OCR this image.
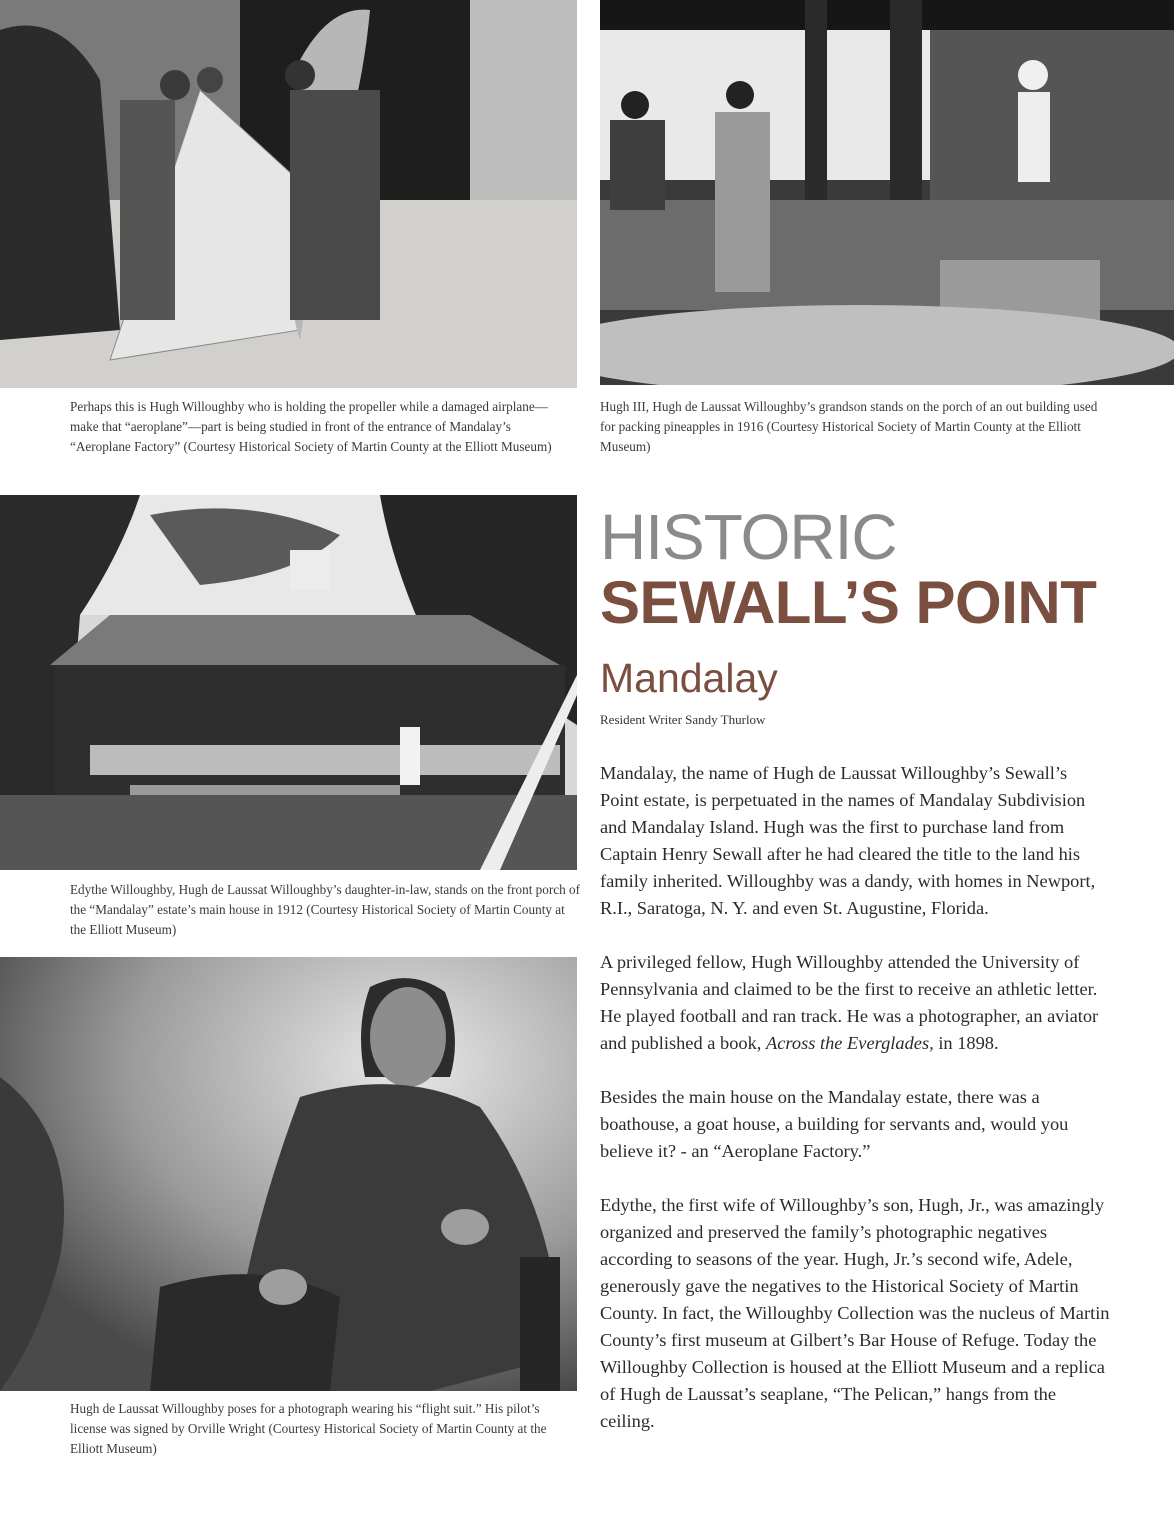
Perhaps this is Hugh Willoughby who is holding the propeller while a damaged airplane—make that “aeroplane”—part is being studied in front of the entrance of Mandalay’s “Aeroplane Factory” (Courtesy Historical Society of Martin County at the Elliott Museum)
Hugh III, Hugh de Laussat Willoughby’s grandson stands on the porch of an out building used for packing pineapples in 1916 (Courtesy Historical Society of Martin County at the Elliott Museum)
Edythe Willoughby, Hugh de Laussat Willoughby’s daughter-in-law, stands on the front porch of the “Mandalay” estate’s main house in 1912 (Courtesy Historical Society of Martin County at the Elliott Museum)
Hugh de Laussat Willoughby poses for a photograph wearing his “flight suit.” His pilot’s license was signed by Orville Wright (Courtesy Historical Society of Martin County at the Elliott Museum)
HISTORIC
SEWALL’S POINT
Mandalay
Resident Writer Sandy Thurlow

Mandalay, the name of Hugh de Laussat Willoughby’s Sewall’s Point estate, is perpetuated in the names of Mandalay Subdivision and Mandalay Island. Hugh was the first to purchase land from Captain Henry Sewall after he had cleared the title to the land his family inherited. Willoughby was a dandy, with homes in Newport, R.I., Saratoga, N. Y. and even St. Augustine, Florida.

A privileged fellow, Hugh Willoughby attended the University of Pennsylvania and claimed to be the first to receive an athletic letter. He played football and ran track. He was a photographer, an aviator and published a book, Across the Everglades, in 1898.

Besides the main house on the Mandalay estate, there was a boathouse, a goat house, a building for servants and, would you believe it? - an “Aeroplane Factory.”

Edythe, the first wife of Willoughby’s son, Hugh, Jr., was amazingly organized and preserved the family’s photographic negatives according to seasons of the year. Hugh, Jr.’s second wife, Adele, generously gave the negatives to the Historical Society of Martin County. In fact, the Willoughby Collection was the nucleus of Martin County’s first museum at Gilbert’s Bar House of Refuge. Today the Willoughby Collection is housed at the Elliott Museum and a replica of Hugh de Laussat’s seaplane, “The Pelican,” hangs from the ceiling.
